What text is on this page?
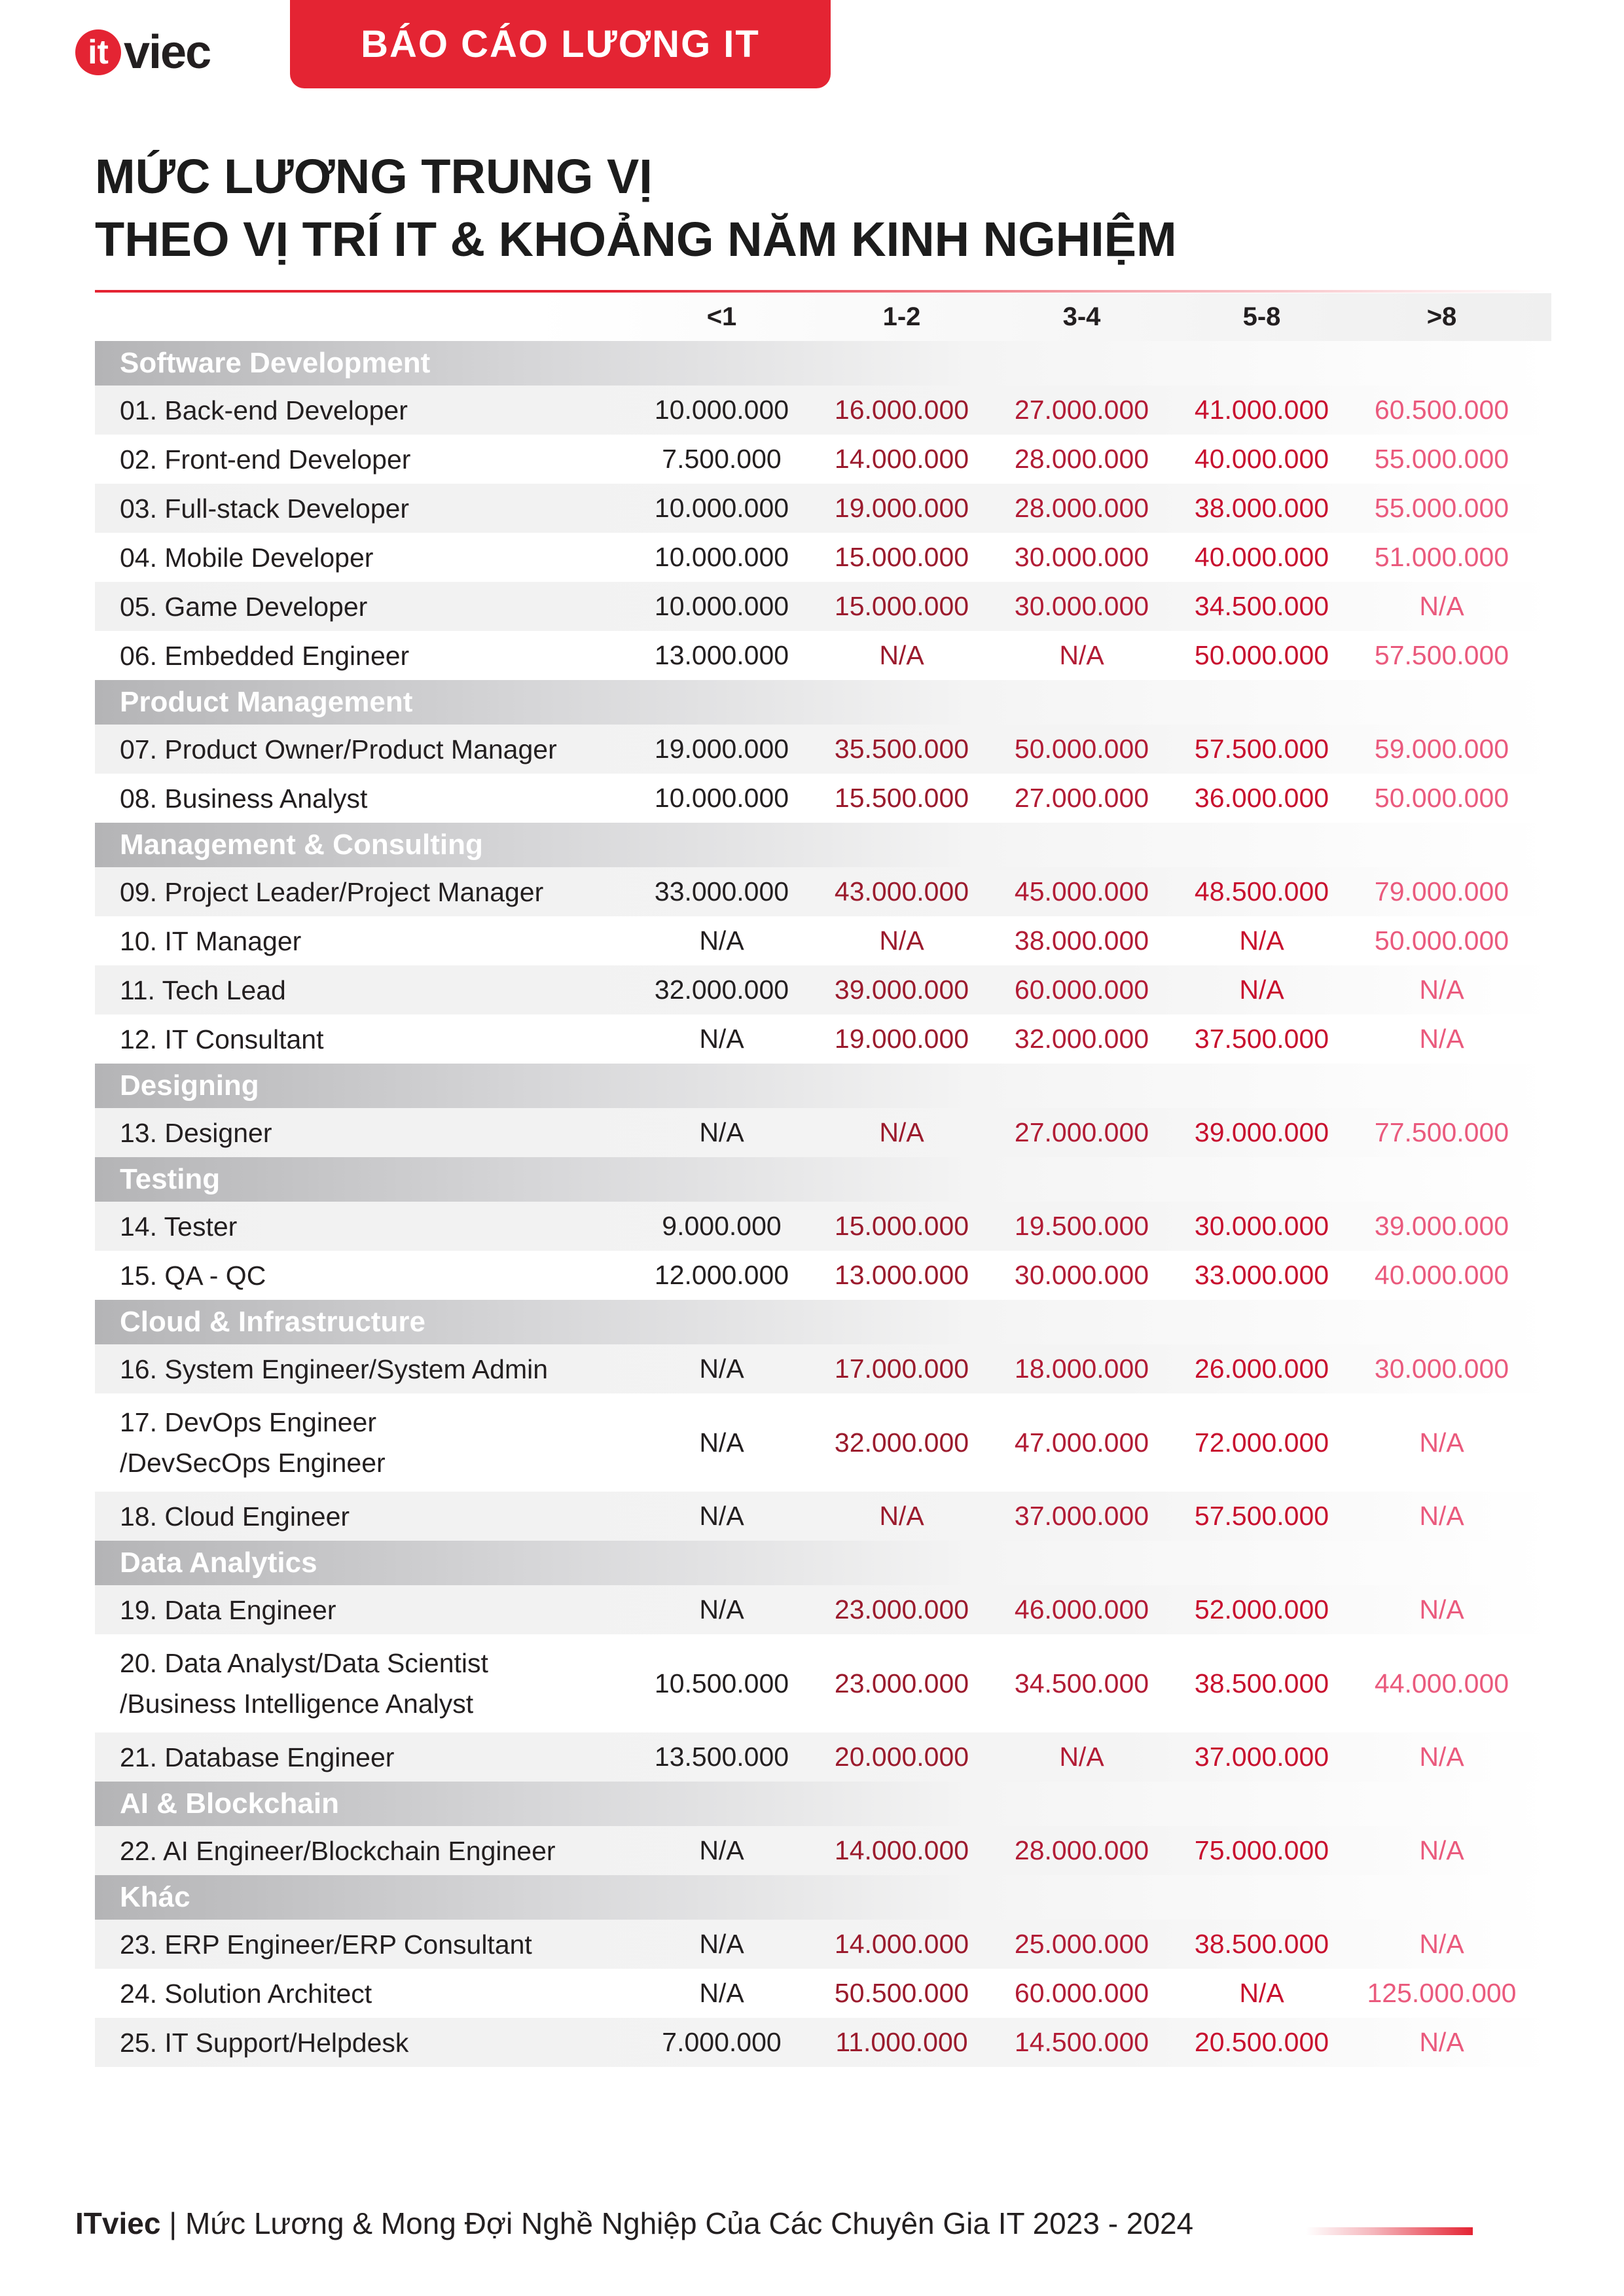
it viec	BÁO CÁO LƯƠNG IT
MỨC LƯƠNG TRUNG VỊ
THEO VỊ TRÍ IT & KHOẢNG NĂM KINH NGHIỆM
<1	1-2	3-4	5-8	>8
Software Development
01. Back-end Developer	10.000.000	16.000.000	27.000.000	41.000.000	60.500.000
02. Front-end Developer	7.500.000	14.000.000	28.000.000	40.000.000	55.000.000
03. Full-stack Developer	10.000.000	19.000.000	28.000.000	38.000.000	55.000.000
04. Mobile Developer	10.000.000	15.000.000	30.000.000	40.000.000	51.000.000
05. Game Developer	10.000.000	15.000.000	30.000.000	34.500.000	N/A
06. Embedded Engineer	13.000.000	N/A	N/A	50.000.000	57.500.000
Product Management
07. Product Owner/Product Manager	19.000.000	35.500.000	50.000.000	57.500.000	59.000.000
08. Business Analyst	10.000.000	15.500.000	27.000.000	36.000.000	50.000.000
Management & Consulting
09. Project Leader/Project Manager	33.000.000	43.000.000	45.000.000	48.500.000	79.000.000
10. IT Manager	N/A	N/A	38.000.000	N/A	50.000.000
11. Tech Lead	32.000.000	39.000.000	60.000.000	N/A	N/A
12. IT Consultant	N/A	19.000.000	32.000.000	37.500.000	N/A
Designing
13. Designer	N/A	N/A	27.000.000	39.000.000	77.500.000
Testing
14. Tester	9.000.000	15.000.000	19.500.000	30.000.000	39.000.000
15. QA - QC	12.000.000	13.000.000	30.000.000	33.000.000	40.000.000
Cloud & Infrastructure
16. System Engineer/System Admin	N/A	17.000.000	18.000.000	26.000.000	30.000.000
17. DevOps Engineer
/DevSecOps Engineer
N/A	32.000.000	47.000.000	72.000.000	N/A
18. Cloud Engineer	N/A	N/A	37.000.000	57.500.000	N/A
Data Analytics
19. Data Engineer	N/A	23.000.000	46.000.000	52.000.000	N/A
20. Data Analyst/Data Scientist
/Business Intelligence Analyst
10.500.000	23.000.000	34.500.000	38.500.000	44.000.000
21. Database Engineer	13.500.000	20.000.000	N/A	37.000.000	N/A
AI & Blockchain
22. AI Engineer/Blockchain Engineer	N/A	14.000.000	28.000.000	75.000.000	N/A
Khác
23. ERP Engineer/ERP Consultant	N/A	14.000.000	25.000.000	38.500.000	N/A
24. Solution Architect	N/A	50.500.000	60.000.000	N/A	125.000.000
25. IT Support/Helpdesk	7.000.000	11.000.000	14.500.000	20.500.000	N/A
ITviec | Mức Lương & Mong Đợi Nghề Nghiệp Của Các Chuyên Gia IT 2023 - 2024
